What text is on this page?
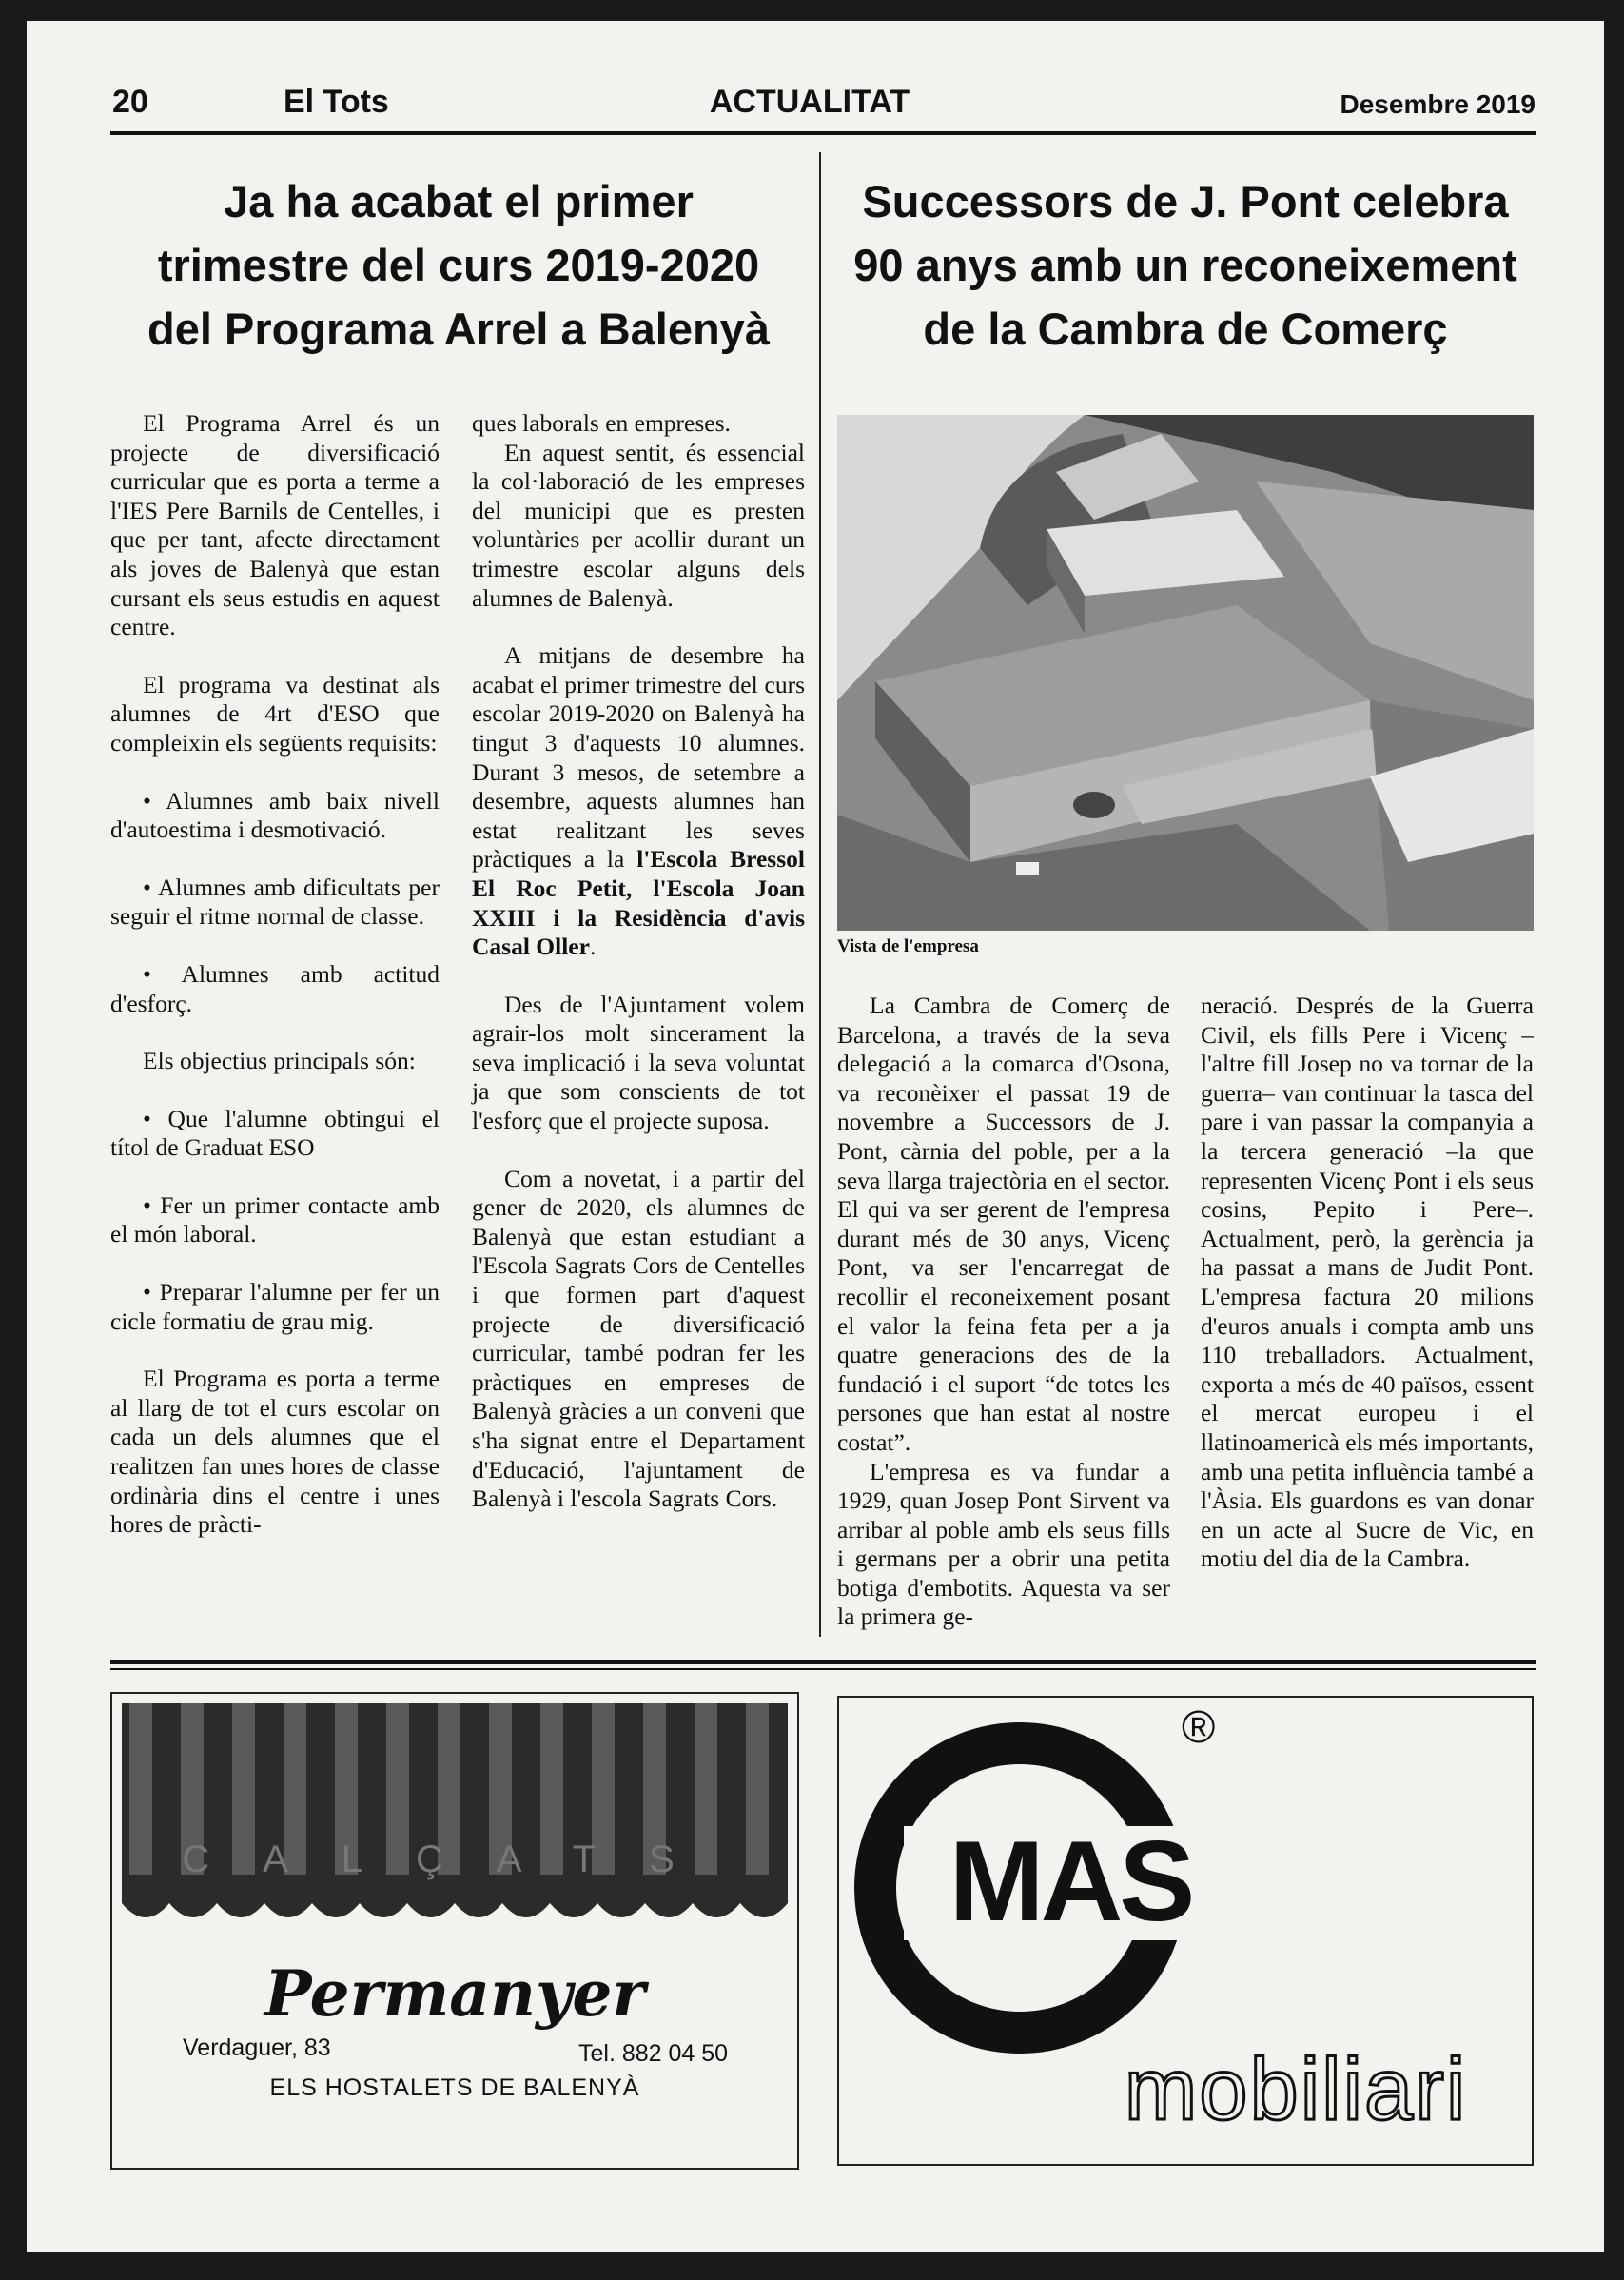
20	El Tots	ACTUALITAT	Desembre 2019
Ja ha acabat el primer
trimestre del curs 2019-2020
del Programa Arrel a Balenyà

El Programa Arrel és un projecte de diversificació curricular que es porta a terme a l'IES Pere Barnils de Centelles, i que per tant, afecte directament als joves de Balenyà que estan cursant els seus estudis en aquest centre.

El programa va destinat als alumnes de 4rt d'ESO que compleixin els següents requisits:

• Alumnes amb baix nivell d'autoestima i desmotivació.

• Alumnes amb dificultats per seguir el ritme normal de classe.

• Alumnes amb actitud d'esforç.

Els objectius principals són:

• Que l'alumne obtingui el títol de Graduat ESO

• Fer un primer contacte amb el món laboral.

• Preparar l'alumne per fer un cicle formatiu de grau mig.

El Programa es porta a terme al llarg de tot el curs escolar on cada un dels alumnes que el realitzen fan unes hores de classe ordinària dins el centre i unes hores de pràcti-

ques laborals en empreses.

En aquest sentit, és essencial la col·laboració de les empreses del municipi que es presten voluntàries per acollir durant un trimestre escolar alguns dels alumnes de Balenyà.

A mitjans de desembre ha acabat el primer trimestre del curs escolar 2019-2020 on Balenyà ha tingut 3 d'aquests 10 alumnes. Durant 3 mesos, de setembre a desembre, aquests alumnes han estat realitzant les seves pràctiques a la l'Escola Bressol El Roc Petit, l'Escola Joan XXIII i la Residència d'avis Casal Oller.

Des de l'Ajuntament volem agrair-los molt sincerament la seva implicació i la seva voluntat ja que som conscients de tot l'esforç que el projecte suposa.

Com a novetat, i a partir del gener de 2020, els alumnes de Balenyà que estan estudiant a l'Escola Sagrats Cors de Centelles i que formen part d'aquest projecte de diversificació curricular, també podran fer les pràctiques en empreses de Balenyà gràcies a un conveni que s'ha signat entre el Departament d'Educació, l'ajuntament de Balenyà i l'escola Sagrats Cors.

Successors de J. Pont celebra
90 anys amb un reconeixement
de la Cambra de Comerç
Vista de l'empresa

La Cambra de Comerç de Barcelona, a través de la seva delegació a la comarca d'Osona, va reconèixer el passat 19 de novembre a Successors de J. Pont, càrnia del poble, per a la seva llarga trajectòria en el sector. El qui va ser gerent de l'empresa durant més de 30 anys, Vicenç Pont, va ser l'encarregat de recollir el reconeixement posant el valor la feina feta per a ja quatre generacions des de la fundació i el suport “de totes les persones que han estat al nostre costat”.

L'empresa es va fundar a 1929, quan Josep Pont Sirvent va arribar al poble amb els seus fills i germans per a obrir una petita botiga d'embotits. Aquesta va ser la primera ge-

neració. Després de la Guerra Civil, els fills Pere i Vicenç –l'altre fill Josep no va tornar de la guerra– van continuar la tasca del pare i van passar la companyia a la tercera generació –la que representen Vicenç Pont i els seus cosins, Pepito i Pere–. Actualment, però, la gerència ja ha passat a mans de Judit Pont. L'empresa factura 20 milions d'euros anuals i compta amb uns 110 treballadors. Actualment, exporta a més de 40 països, essent el mercat europeu i el llatinoamericà els més importants, amb una petita influència també a l'Àsia. Els guardons es van donar en un acte al Sucre de Vic, en motiu del dia de la Cambra.

CALÇATS
Permanyer
Verdaguer, 83	Tel. 882 04 50
ELS HOSTALETS DE BALENYÀ
MAS
®
mobiliari
